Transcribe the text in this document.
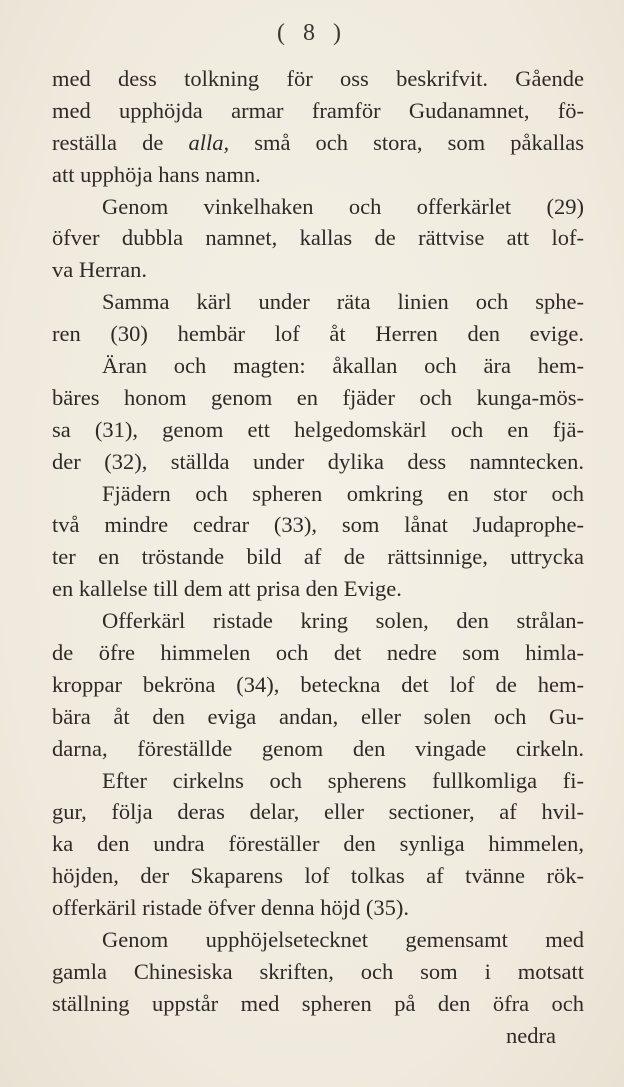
( 8 )
med dess tolkning för oss beskrifvit. Gående
med upphöjda armar framför Gudanamnet, fö-
reställa de alla, små och stora, som påkallas
att upphöja hans namn.
Genom vinkelhaken och offerkärlet (29)
öfver dubbla namnet, kallas de rättvise att lof-
va Herran.
Samma kärl under räta linien och sphe-
ren (30) hembär lof åt Herren den evige.
Äran och magten: åkallan och ära hem-
bäres honom genom en fjäder och kunga-mös-
sa (31), genom ett helgedomskärl och en fjä-
der (32), ställda under dylika dess namntecken.
Fjädern och spheren omkring en stor och
två mindre cedrar (33), som lånat Judaprophe-
ter en tröstande bild af de rättsinnige, uttrycka
en kallelse till dem att prisa den Evige.
Offerkärl ristade kring solen, den strålan-
de öfre himmelen och det nedre som himla-
kroppar bekröna (34), beteckna det lof de hem-
bära åt den eviga andan, eller solen och Gu-
darna, föreställde genom den vingade cirkeln.
Efter cirkelns och spherens fullkomliga fi-
gur, följa deras delar, eller sectioner, af hvil-
ka den undra föreställer den synliga himmelen,
höjden, der Skaparens lof tolkas af tvänne rök-
offerkäril ristade öfver denna höjd (35).
Genom upphöjelsetecknet gemensamt med
gamla Chinesiska skriften, och som i motsatt
ställning uppstår med spheren på den öfra och
nedra
